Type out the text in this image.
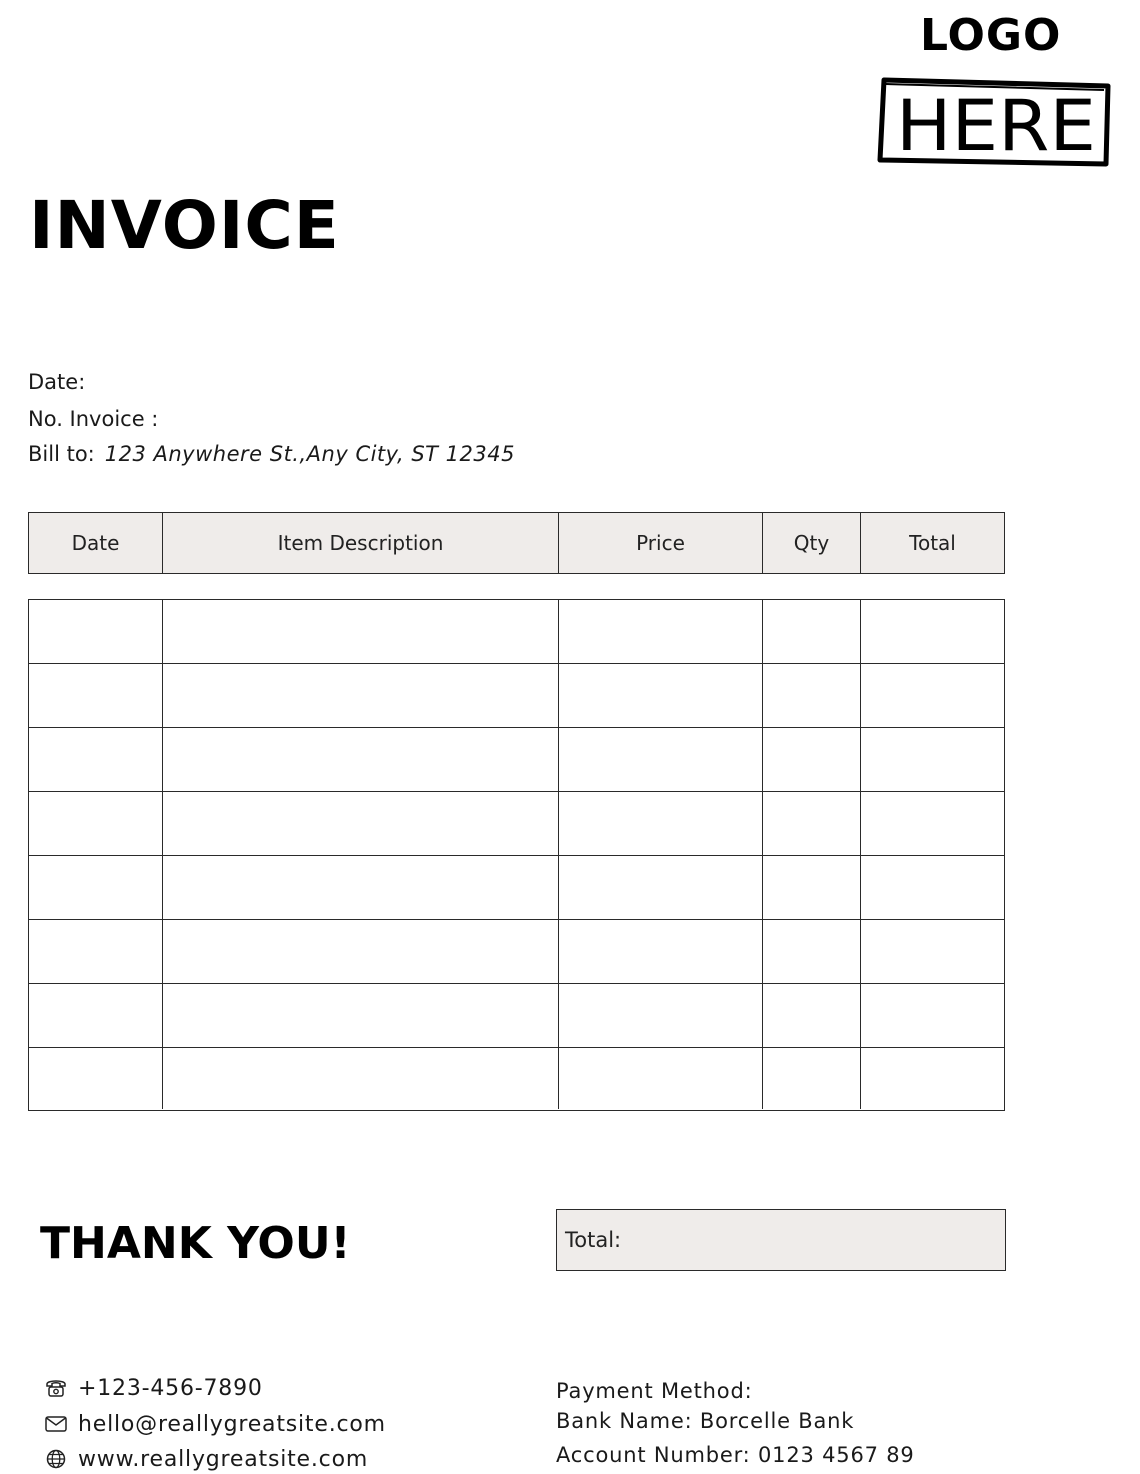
LOGO
HERE
INVOICE
Date:
No. Invoice :
Bill to: 123 Anywhere St.,Any City, ST 12345
Date	Item Description	Price	Qty	Total
THANK YOU!	Total:
+123-456-7890
hello@reallygreatsite.com
www.reallygreatsite.com
Payment Method:
Bank Name: Borcelle Bank
Account Number: 0123 4567 89
